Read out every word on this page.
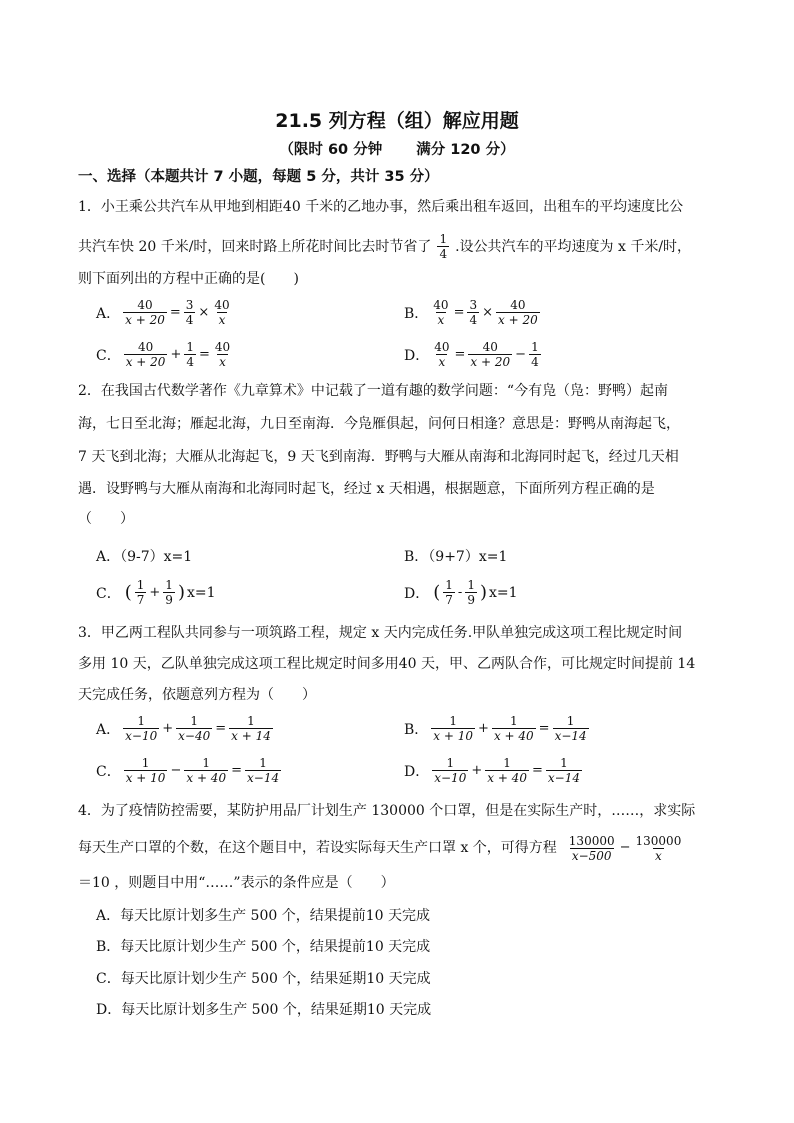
21.5 列方程（组）解应用题
（限时 60 分钟 满分 120 分）
一、选择（本题共计 7 小题，每题 5 分，共计 35 分）
1．小王乘公共汽车从甲地到相距40 千米的乙地办事，然后乘出租车返回，出租车的平均速度比公
共汽车快 20 千米/时，回来时路上所花时间比去时节省了 $\frac{1}{4}$ .设公共汽车的平均速度为 x 千米/时，
则下面列出的方程中正确的是(　　)
A． $\frac{40}{x + 20} = \frac{3}{4} \times \frac{40}{x}$	B． $\frac{40}{x} = \frac{3}{4} \times \frac{40}{x + 20}$
C． $\frac{40}{x + 20} + \frac{1}{4} = \frac{40}{x}$	D． $\frac{40}{x} = \frac{40}{x + 20} - \frac{1}{4}$
2．在我国古代数学著作《九章算术》中记载了一道有趣的数学问题：“今有凫（凫：野鸭）起南
海，七日至北海；雁起北海，九日至南海．今凫雁俱起，问何日相逢？意思是：野鸭从南海起飞，
7 天飞到北海；大雁从北海起飞，9 天飞到南海．野鸭与大雁从南海和北海同时起飞，经过几天相
遇．设野鸭与大雁从南海和北海同时起飞，经过 x 天相遇，根据题意，下面所列方程正确的是
（　　）
A．（9-7）x=1	B．（9+7）x=1
C． ( $\frac{1}{7} + \frac{1}{9}$ ) x=1	D． ( $\frac{1}{7} - \frac{1}{9}$ ) x=1
3．甲乙两工程队共同参与一项筑路工程，规定 x 天内完成任务.甲队单独完成这项工程比规定时间
多用 10 天，乙队单独完成这项工程比规定时间多用40 天，甲、乙两队合作，可比规定时间提前 14
天完成任务，依题意列方程为（　　）
A． $\frac{1}{x-10} + \frac{1}{x-40} = \frac{1}{x + 14}$	B． $\frac{1}{x + 10} + \frac{1}{x + 40} = \frac{1}{x-14}$
C． $\frac{1}{x + 10} - \frac{1}{x + 40} = \frac{1}{x-14}$	D． $\frac{1}{x-10} + \frac{1}{x + 40} = \frac{1}{x-14}$
4．为了疫情防控需要，某防护用品厂计划生产 130000 个口罩，但是在实际生产时，……，求实际
每天生产口罩的个数，在这个题目中，若设实际每天生产口罩 x 个，可得方程 $\frac{130000}{x-500} - \frac{130000}{x}$
＝10 ，则题目中用“……”表示的条件应是（　　）
A．每天比原计划多生产 500 个，结果提前10 天完成
B．每天比原计划少生产 500 个，结果提前10 天完成
C．每天比原计划少生产 500 个，结果延期10 天完成
D．每天比原计划多生产 500 个，结果延期10 天完成
